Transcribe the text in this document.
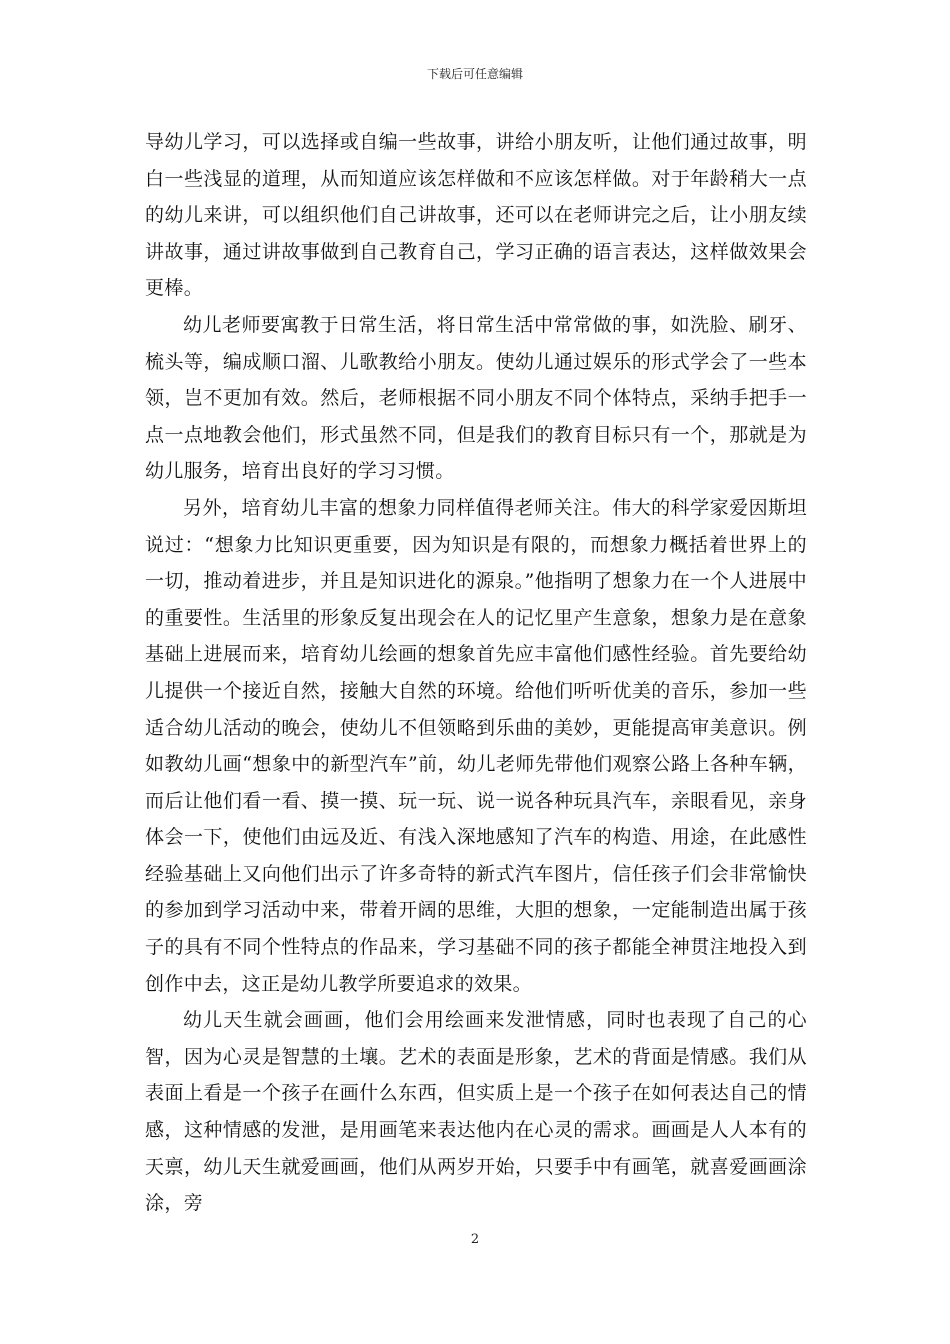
下载后可任意编辑

导幼儿学习，可以选择或自编一些故事，讲给小朋友听，让他们通过故事，明白一些浅显的道理，从而知道应该怎样做和不应该怎样做。对于年龄稍大一点的幼儿来讲，可以组织他们自己讲故事，还可以在老师讲完之后，让小朋友续讲故事，通过讲故事做到自己教育自己，学习正确的语言表达，这样做效果会更棒。

幼儿老师要寓教于日常生活，将日常生活中常常做的事，如洗脸、刷牙、梳头等，编成顺口溜、儿歌教给小朋友。使幼儿通过娱乐的形式学会了一些本领，岂不更加有效。然后，老师根据不同小朋友不同个体特点，采纳手把手一点一点地教会他们，形式虽然不同，但是我们的教育目标只有一个，那就是为幼儿服务，培育出良好的学习习惯。

另外，培育幼儿丰富的想象力同样值得老师关注。伟大的科学家爱因斯坦说过：“想象力比知识更重要，因为知识是有限的，而想象力概括着世界上的一切，推动着进步，并且是知识进化的源泉。”他指明了想象力在一个人进展中的重要性。生活里的形象反复出现会在人的记忆里产生意象，想象力是在意象基础上进展而来，培育幼儿绘画的想象首先应丰富他们感性经验。首先要给幼儿提供一个接近自然，接触大自然的环境。给他们听听优美的音乐，参加一些适合幼儿活动的晚会，使幼儿不但领略到乐曲的美妙，更能提高审美意识。例如教幼儿画“想象中的新型汽车”前，幼儿老师先带他们观察公路上各种车辆，而后让他们看一看、摸一摸、玩一玩、说一说各种玩具汽车，亲眼看见，亲身体会一下，使他们由远及近、有浅入深地感知了汽车的构造、用途，在此感性经验基础上又向他们出示了许多奇特的新式汽车图片，信任孩子们会非常愉快的参加到学习活动中来，带着开阔的思维，大胆的想象，一定能制造出属于孩子的具有不同个性特点的作品来，学习基础不同的孩子都能全神贯注地投入到创作中去，这正是幼儿教学所要追求的效果。

幼儿天生就会画画，他们会用绘画来发泄情感，同时也表现了自己的心智，因为心灵是智慧的土壤。艺术的表面是形象，艺术的背面是情感。我们从表面上看是一个孩子在画什么东西，但实质上是一个孩子在如何表达自己的情感，这种情感的发泄，是用画笔来表达他内在心灵的需求。画画是人人本有的天禀，幼儿天生就爱画画，他们从两岁开始，只要手中有画笔，就喜爱画画涂涂，旁

2
